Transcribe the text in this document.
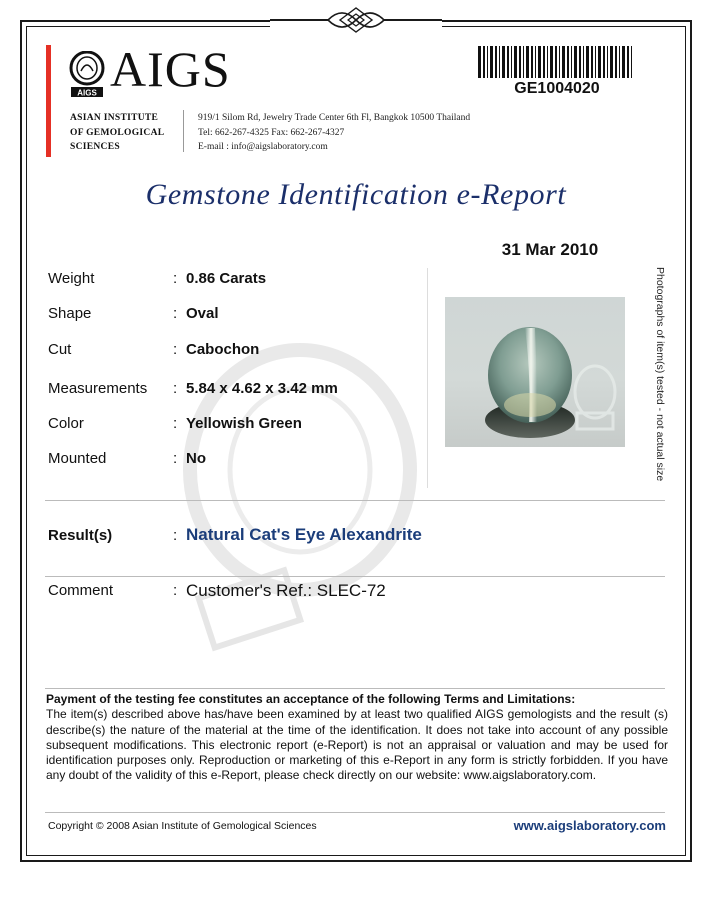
AIGS AIGS
ASIAN INSTITUTE
OF GEMOLOGICAL
SCIENCES
919/1 Silom Rd, Jewelry Trade Center 6th Fl, Bangkok 10500 Thailand
Tel: 662-267-4325 Fax: 662-267-4327
E-mail : info@aigslaboratory.com
GE1004020
Gemstone Identification e-Report
31 Mar 2010
Weight	: 0.86 Carats
Shape	: Oval
Cut	: Cabochon
Measurements : 5.84 x 4.62 x 3.42 mm
Color	: Yellowish Green
Mounted	: No	Photographs of item(s) tested - not actual size
Result(s)	: Natural Cat's Eye Alexandrite
Comment	: Customer's Ref.: SLEC-72
Payment of the testing fee constitutes an acceptance of the following Terms and Limitations:
The item(s) described above has/have been examined by at least two qualified AIGS gemologists and the result (s) describe(s) the nature of the material at the time of the identification. It does not take into account of any possible subsequent modifications. This electronic report (e-Report) is not an appraisal or valuation and may be used for identification purposes only. Reproduction or marketing of this e-Report in any form is strictly forbidden. If you have any doubt of the validity of this e-Report, please check directly on our website: www.aigslaboratory.com.
Copyright © 2008 Asian Institute of Gemological Sciences	www.aigslaboratory.com
